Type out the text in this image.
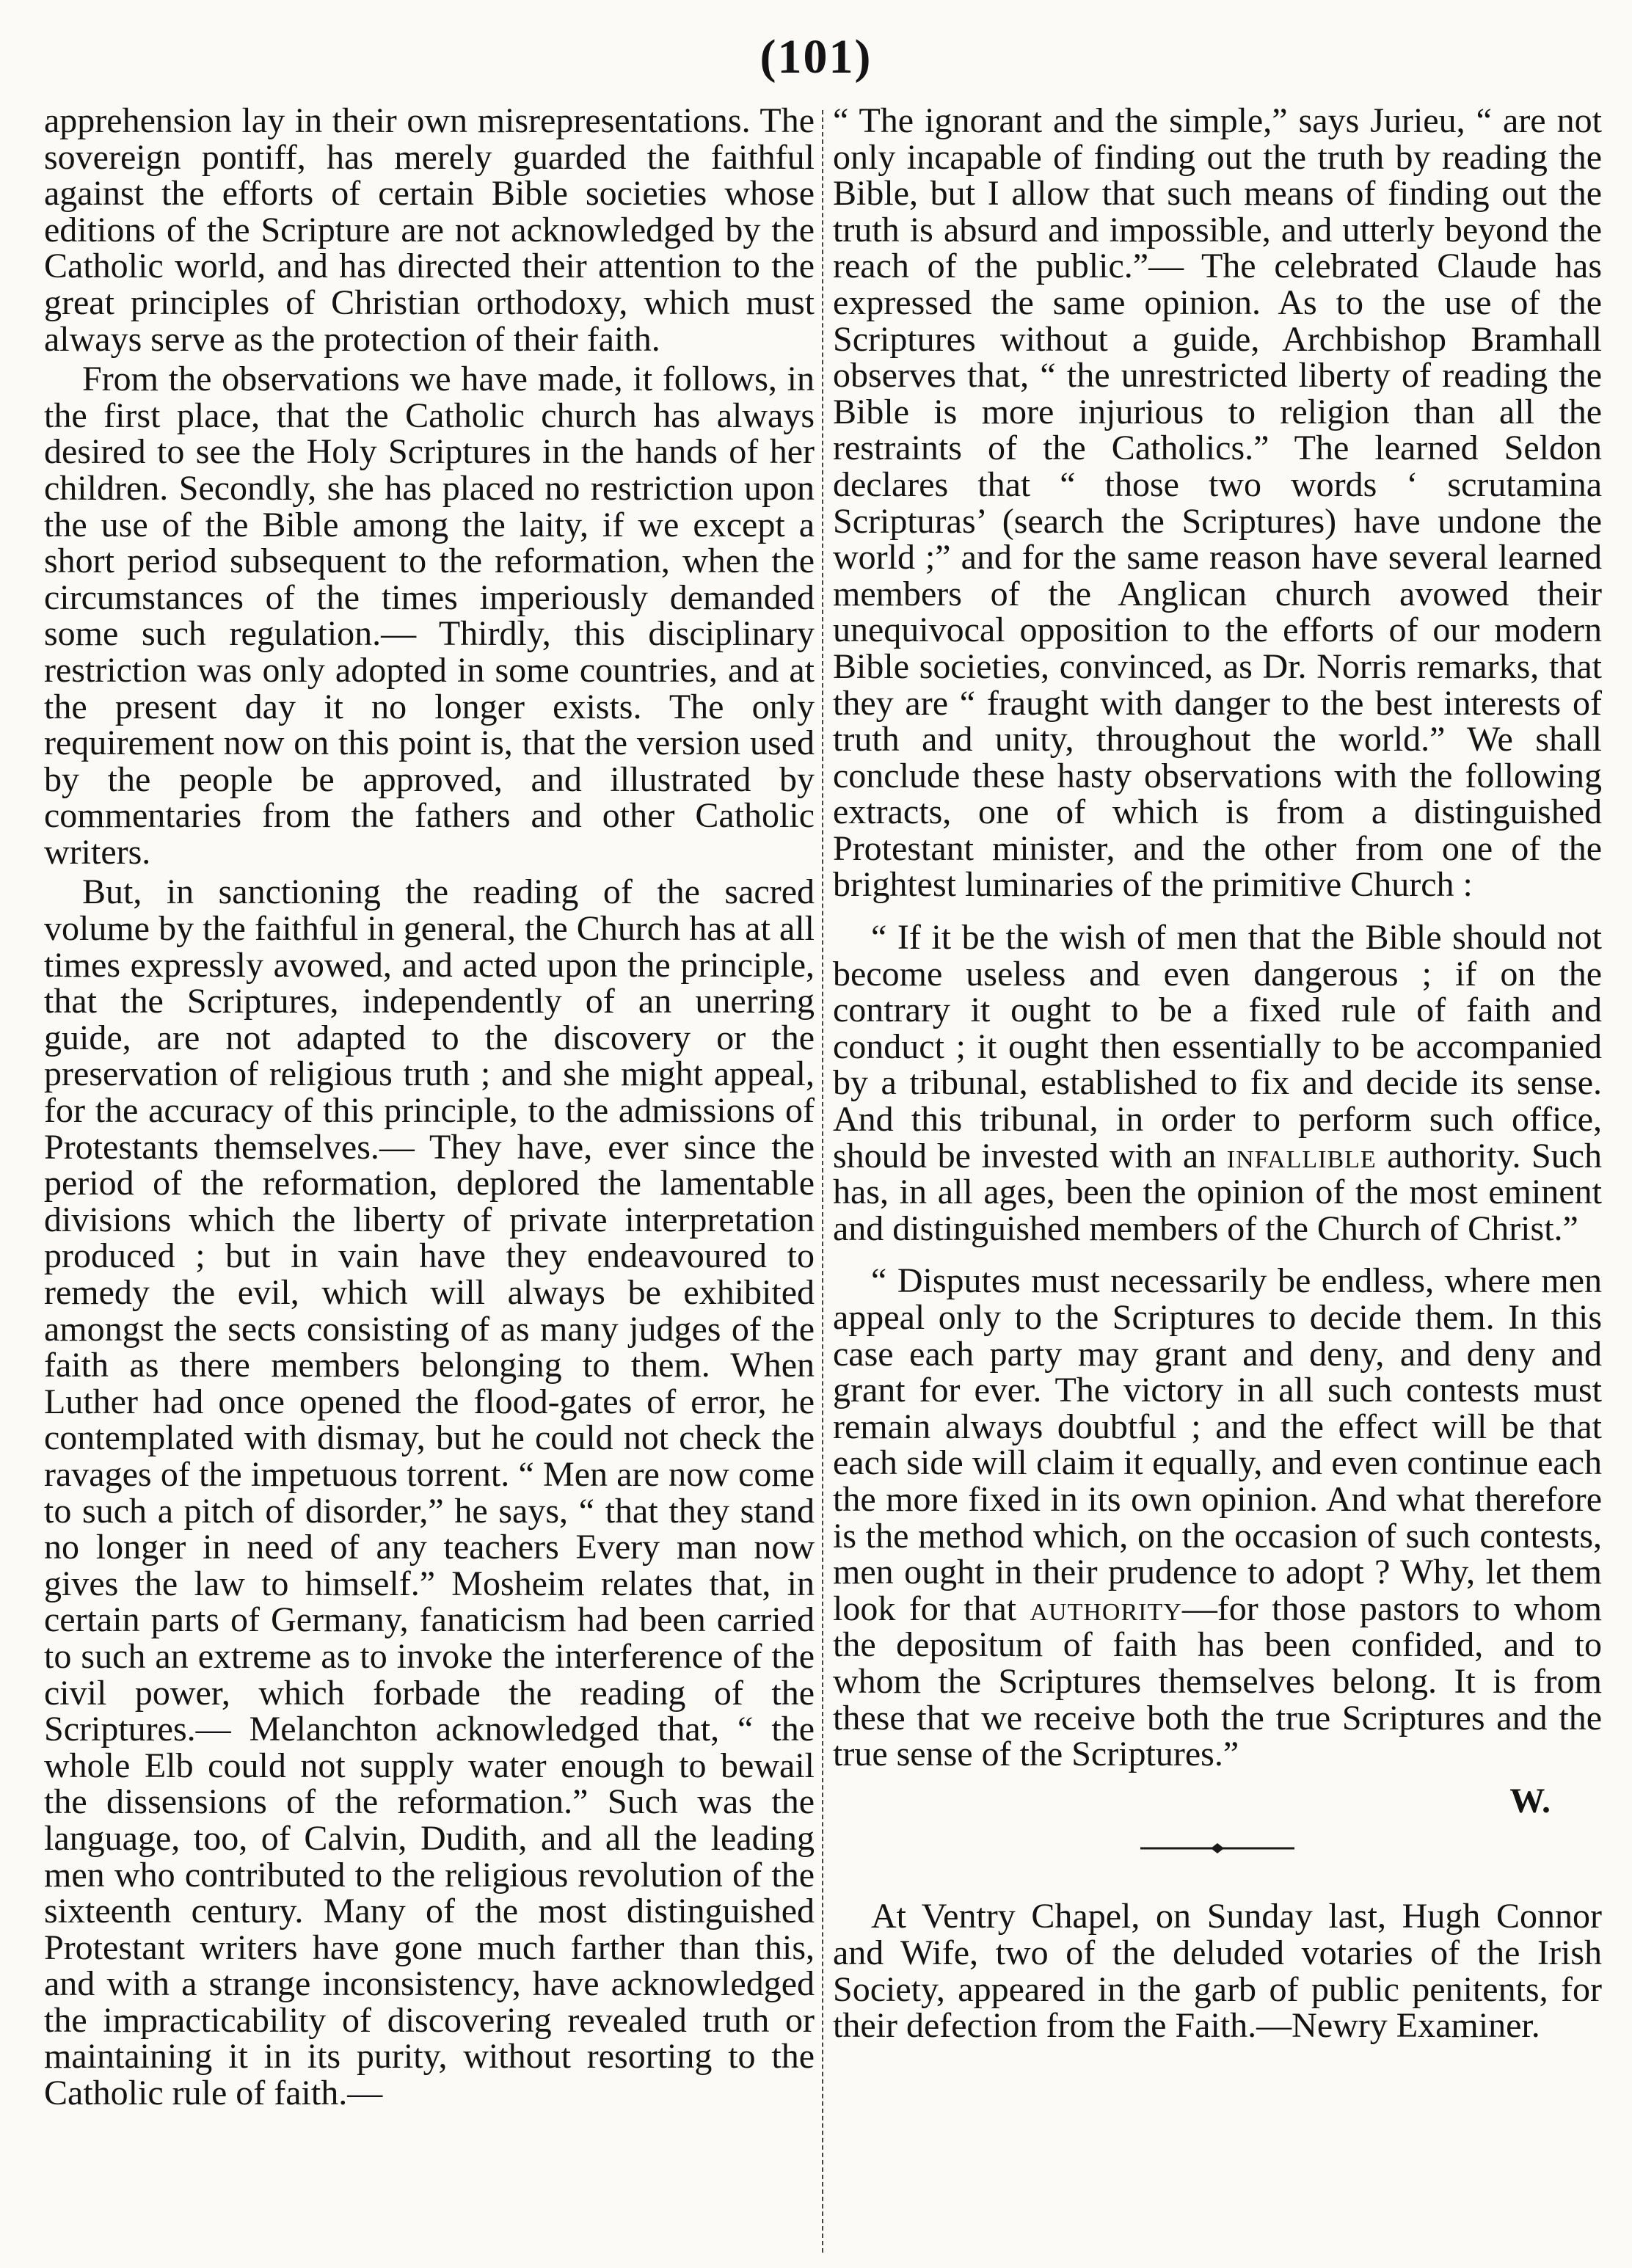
(101)

apprehension lay in their own misrepresentations. The sovereign pontiff, has merely guarded the faithful against the efforts of certain Bible societies whose editions of the Scripture are not acknowledged by the Catholic world, and has directed their attention to the great principles of Christian orthodoxy, which must always serve as the protection of their faith.

From the observations we have made, it follows, in the first place, that the Catholic church has always desired to see the Holy Scriptures in the hands of her children. Secondly, she has placed no restriction upon the use of the Bible among the laity, if we except a short period subsequent to the reformation, when the circumstances of the times imperiously demanded some such regulation.— Thirdly, this disciplinary restriction was only adopted in some countries, and at the present day it no longer exists. The only requirement now on this point is, that the version used by the people be approved, and illustrated by commentaries from the fathers and other Catholic writers.

But, in sanctioning the reading of the sacred volume by the faithful in general, the Church has at all times expressly avowed, and acted upon the principle, that the Scriptures, independently of an unerring guide, are not adapted to the discovery or the preservation of religious truth ; and she might appeal, for the accuracy of this principle, to the admissions of Protestants themselves.— They have, ever since the period of the reformation, deplored the lamentable divisions which the liberty of private interpretation produced ; but in vain have they endeavoured to remedy the evil, which will always be exhibited amongst the sects consisting of as many judges of the faith as there members belonging to them. When Luther had once opened the flood-gates of error, he contemplated with dismay, but he could not check the ravages of the impetuous torrent. “ Men are now come to such a pitch of disorder,” he says, “ that they stand no longer in need of any teachers Every man now gives the law to himself.” Mosheim relates that, in certain parts of Germany, fanaticism had been carried to such an extreme as to invoke the interference of the civil power, which forbade the reading of the Scriptures.— Melanchton acknowledged that, “ the whole Elb could not supply water enough to bewail the dissensions of the reformation.” Such was the language, too, of Calvin, Dudith, and all the leading men who contributed to the religious revolution of the sixteenth century. Many of the most distinguished Protestant writers have gone much farther than this, and with a strange inconsistency, have acknowledged the impracticability of discovering revealed truth or maintaining it in its purity, without resorting to the Catholic rule of faith.—

“ The ignorant and the simple,” says Jurieu, “ are not only incapable of finding out the truth by reading the Bible, but I allow that such means of finding out the truth is absurd and impossible, and utterly beyond the reach of the public.”— The celebrated Claude has expressed the same opinion. As to the use of the Scriptures without a guide, Archbishop Bramhall observes that, “ the unrestricted liberty of reading the Bible is more injurious to religion than all the restraints of the Catholics.” The learned Seldon declares that “ those two words ‘ scrutamina Scripturas’ (search the Scriptures) have undone the world ;” and for the same reason have several learned members of the Anglican church avowed their unequivocal opposition to the efforts of our modern Bible societies, convinced, as Dr. Norris remarks, that they are “ fraught with danger to the best interests of truth and unity, throughout the world.” We shall conclude these hasty observations with the following extracts, one of which is from a distinguished Protestant minister, and the other from one of the brightest luminaries of the primitive Church :

“ If it be the wish of men that the Bible should not become useless and even dangerous ; if on the contrary it ought to be a fixed rule of faith and conduct ; it ought then essentially to be accompanied by a tribunal, established to fix and decide its sense. And this tribunal, in order to perform such office, should be invested with an infallible authority. Such has, in all ages, been the opinion of the most eminent and distinguished members of the Church of Christ.”

“ Disputes must necessarily be endless, where men appeal only to the Scriptures to decide them. In this case each party may grant and deny, and deny and grant for ever. The victory in all such contests must remain always doubtful ; and the effect will be that each side will claim it equally, and even continue each the more fixed in its own opinion. And what therefore is the method which, on the occasion of such contests, men ought in their prudence to adopt ? Why, let them look for that authority—for those pastors to whom the depositum of faith has been confided, and to whom the Scriptures themselves belong. It is from these that we receive both the true Scriptures and the true sense of the Scriptures.”

W.

At Ventry Chapel, on Sunday last, Hugh Connor and Wife, two of the deluded votaries of the Irish Society, appeared in the garb of public penitents, for their defection from the Faith.—Newry Examiner.
